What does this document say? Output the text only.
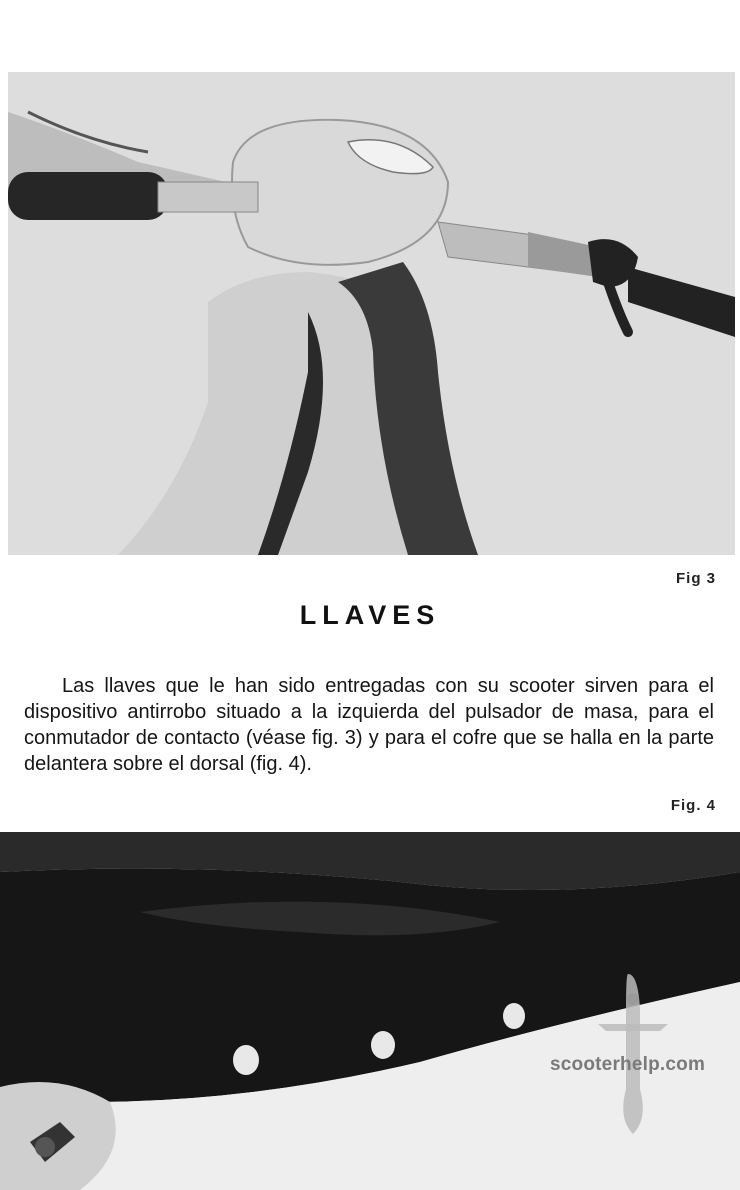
Fig 3
LLAVES

Las llaves que le han sido entregadas con su scooter sirven para el dispositivo antirrobo situado a la izquierda del pulsador de masa, para el conmutador de contacto (véase fig. 3) y para el cofre que se halla en la parte delantera sobre el dorsal (fig. 4).

Fig. 4
scooterhelp.com
